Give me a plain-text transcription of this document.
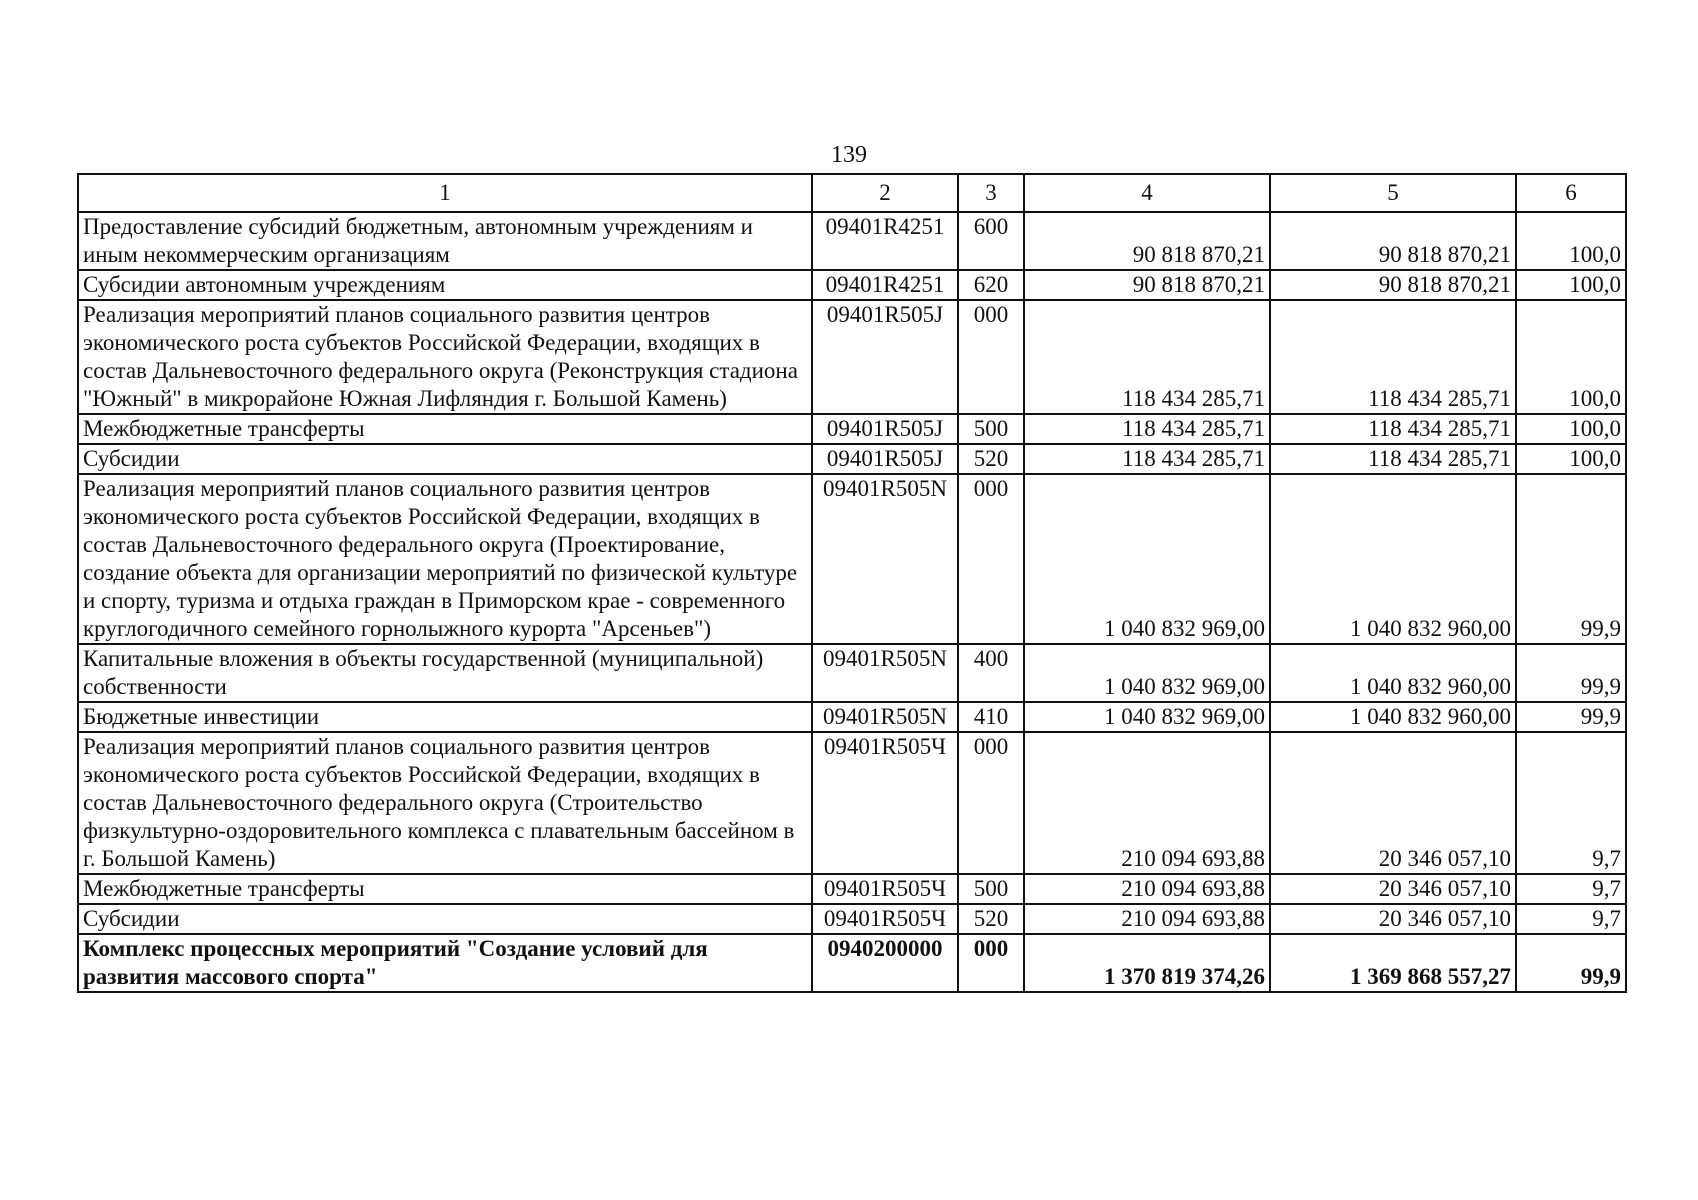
139
1	2	3	4	5	6
Предоставление субсидий бюджетным, автономным учреждениям и иным некоммерческим организациям	09401R4251	600	90 818 870,21	90 818 870,21	100,0
Субсидии автономным учреждениям	09401R4251	620	90 818 870,21	90 818 870,21	100,0
Реализация мероприятий планов социального развития центров экономического роста субъектов Российской Федерации, входящих в состав Дальневосточного федерального округа (Реконструкция стадиона "Южный" в микрорайоне Южная Лифляндия г. Большой Камень)	09401R505J	000	118 434 285,71	118 434 285,71	100,0
Межбюджетные трансферты	09401R505J	500	118 434 285,71	118 434 285,71	100,0
Субсидии	09401R505J	520	118 434 285,71	118 434 285,71	100,0
Реализация мероприятий планов социального развития центров экономического роста субъектов Российской Федерации, входящих в состав Дальневосточного федерального округа (Проектирование, создание объекта для организации мероприятий по физической культуре и спорту, туризма и отдыха граждан в Приморском крае - современного круглогодичного семейного горнолыжного курорта "Арсеньев")	09401R505N	000	1 040 832 969,00	1 040 832 960,00	99,9
Капитальные вложения в объекты государственной (муниципальной) собственности	09401R505N	400	1 040 832 969,00	1 040 832 960,00	99,9
Бюджетные инвестиции	09401R505N	410	1 040 832 969,00	1 040 832 960,00	99,9
Реализация мероприятий планов социального развития центров экономического роста субъектов Российской Федерации, входящих в состав Дальневосточного федерального округа (Строительство физкультурно-оздоровительного комплекса с плавательным бассейном в г. Большой Камень)	09401R505Ч	000	210 094 693,88	20 346 057,10	9,7
Межбюджетные трансферты	09401R505Ч	500	210 094 693,88	20 346 057,10	9,7
Субсидии	09401R505Ч	520	210 094 693,88	20 346 057,10	9,7
Комплекс процессных мероприятий "Создание условий для развития массового спорта"	0940200000	000	1 370 819 374,26	1 369 868 557,27	99,9
